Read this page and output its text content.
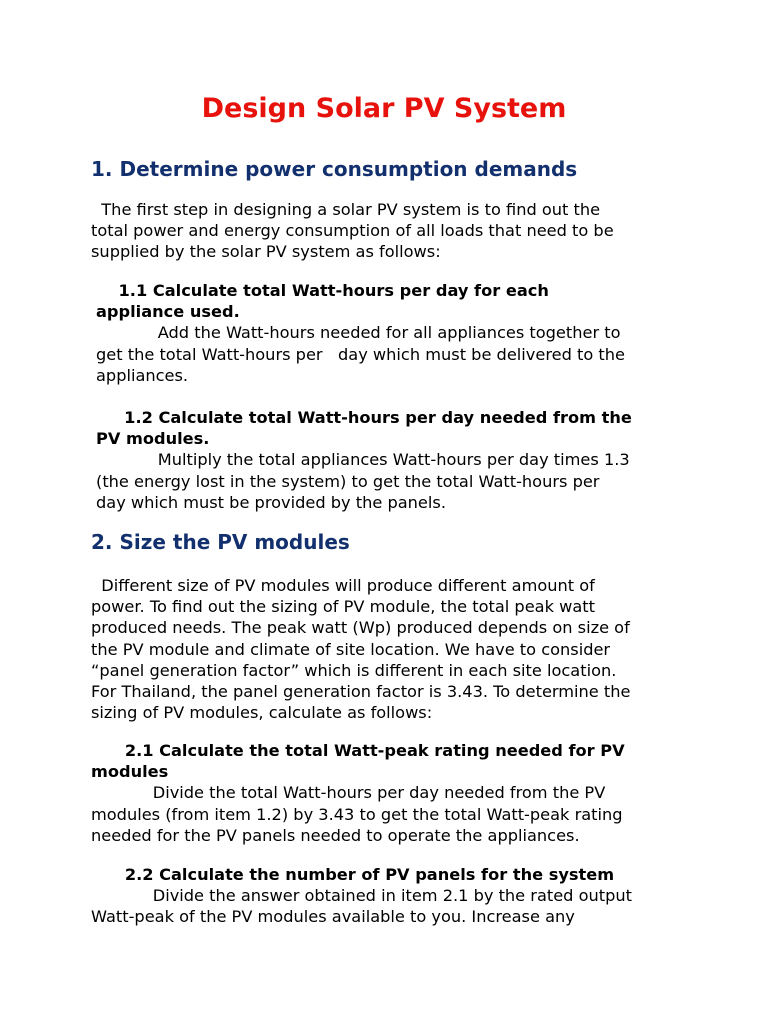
Design Solar PV System
1. Determine power consumption demands

The first step in designing a solar PV system is to find out the
total power and energy consumption of all loads that need to be
supplied by the solar PV system as follows:

1.1 Calculate total Watt-hours per day for each
appliance used.
Add the Watt-hours needed for all appliances together to
get the total Watt-hours per   day which must be delivered to the
appliances.
1.2 Calculate total Watt-hours per day needed from the
PV modules.
Multiply the total appliances Watt-hours per day times 1.3
(the energy lost in the system) to get the total Watt-hours per
day which must be provided by the panels.
2. Size the PV modules

Different size of PV modules will produce different amount of
power. To find out the sizing of PV module, the total peak watt
produced needs. The peak watt (Wp) produced depends on size of
the PV module and climate of site location. We have to consider
“panel generation factor” which is different in each site location.
For Thailand, the panel generation factor is 3.43. To determine the
sizing of PV modules, calculate as follows:

2.1 Calculate the total Watt-peak rating needed for PV
modules
Divide the total Watt-hours per day needed from the PV
modules (from item 1.2) by 3.43 to get the total Watt-peak rating
needed for the PV panels needed to operate the appliances.
2.2 Calculate the number of PV panels for the system
Divide the answer obtained in item 2.1 by the rated output
Watt-peak of the PV modules available to you. Increase any
